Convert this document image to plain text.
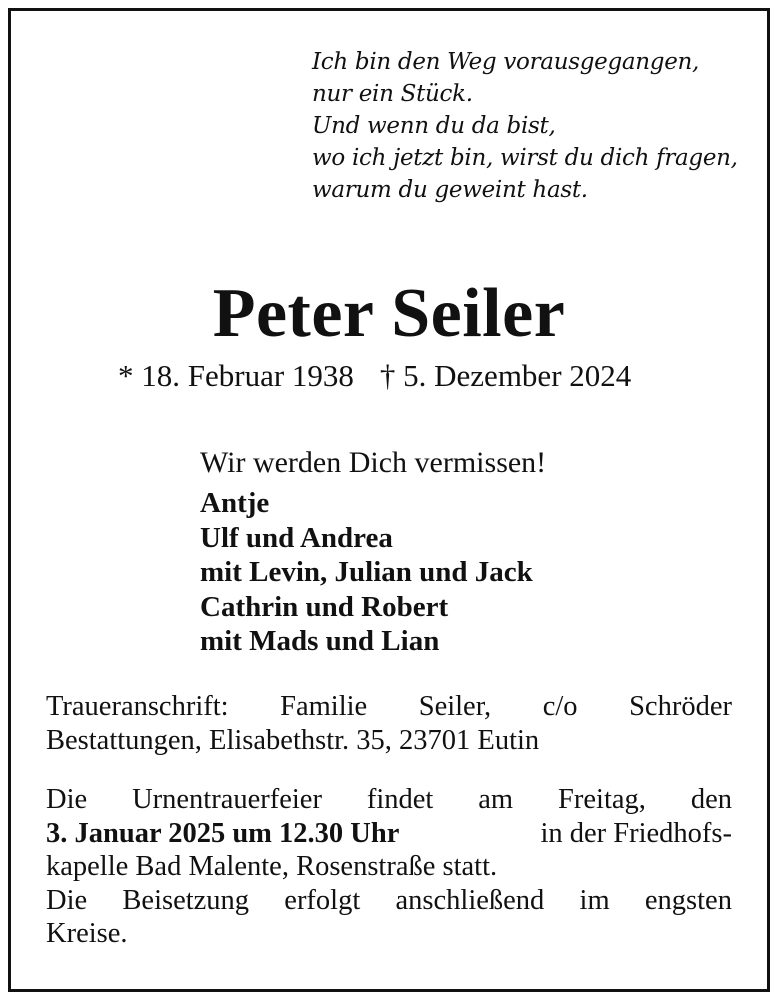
Ich bin den Weg vorausgegangen,
nur ein Stück.
Und wenn du da bist,
wo ich jetzt bin, wirst du dich fragen,
warum du geweint hast.
Peter Seiler
* 18. Februar 1938 † 5. Dezember 2024
Wir werden Dich vermissen!
Antje
Ulf und Andrea
mit Levin, Julian und Jack
Cathrin und Robert
mit Mads und Lian
Traueranschrift: Familie Seiler, c/o Schröder
Bestattungen, Elisabethstr. 35, 23701 Eutin
Die Urnentrauerfeier findet am Freitag, den
3. Januar 2025 um 12.30 Uhr	in der Friedhofs-
kapelle Bad Malente, Rosenstraße statt.
Die Beisetzung erfolgt anschließend im engsten
Kreise.
